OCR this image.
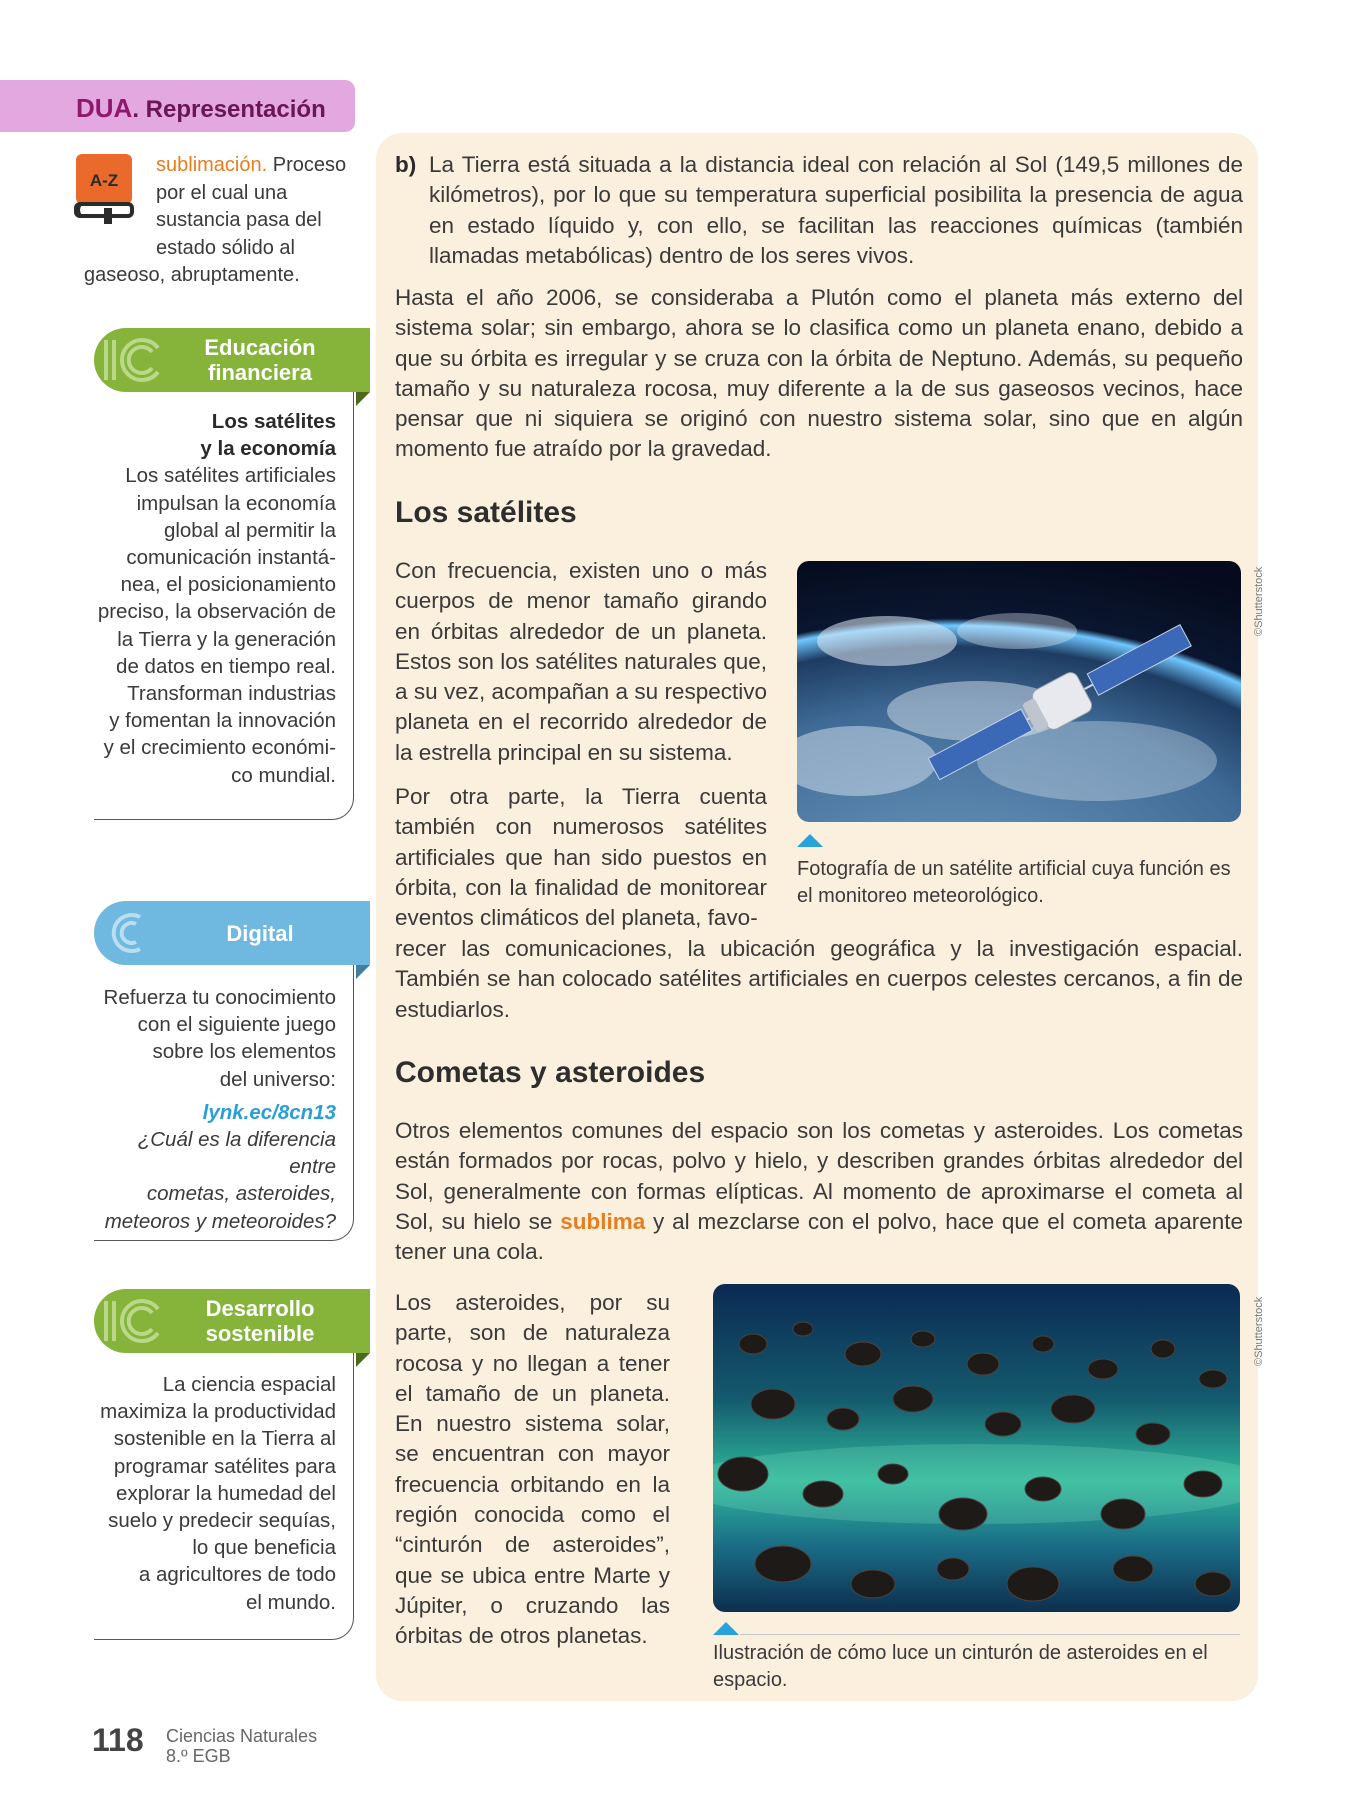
DUA. Representación
A-Z
sublimación. Proceso por el cual una sustancia pasa del estado sólido al gaseoso, abruptamente.
Educación financiera
Los satélites
y la economía
Los satélites artificiales
impulsan la economía
global al permitir la
comunicación instantá-
nea, el posicionamiento
preciso, la observación de
la Tierra y la generación
de datos en tiempo real.
Transforman industrias
y fomentan la innovación
y el crecimiento económi-
co mundial.
Digital
Refuerza tu conocimiento
con el siguiente juego
sobre los elementos
del universo:
lynk.ec/8cn13
¿Cuál es la diferencia entre
cometas, asteroides,
meteoros y meteoroides?
Desarrollo sostenible
La ciencia espacial
maximiza la productividad
sostenible en la Tierra al
programar satélites para
explorar la humedad del
suelo y predecir sequías,
lo que beneficia
a agricultores de todo
el mundo.
b) La Tierra está situada a la distancia ideal con relación al Sol (149,5 millones de kilómetros), por lo que su temperatura superficial posibilita la presencia de agua en estado líquido y, con ello, se facilitan las reacciones químicas (también llamadas metabólicas) dentro de los seres vivos.
Hasta el año 2006, se consideraba a Plutón como el planeta más externo del sistema solar; sin embargo, ahora se lo clasifica como un planeta enano, debido a que su órbita es irregular y se cruza con la órbita de Neptuno. Además, su pequeño tamaño y su naturaleza rocosa, muy diferente a la de sus gaseosos vecinos, hace pensar que ni siquiera se originó con nuestro sistema solar, sino que en algún momento fue atraído por la gravedad.
Los satélites
Con frecuencia, existen uno o más cuerpos de menor tamaño girando en órbitas alrededor de un planeta. Estos son los satélites naturales que, a su vez, acompañan a su respectivo planeta en el recorrido alrededor de la estrella principal en su sistema.
Por otra parte, la Tierra cuenta también con numerosos satélites artificiales que han sido puestos en órbita, con la finalidad de monitorear eventos climáticos del planeta, favo-
recer las comunicaciones, la ubicación geográfica y la investigación espacial. También se han colocado satélites artificiales en cuerpos celestes cercanos, a fin de estudiarlos.
©Shutterstock
Fotografía de un satélite artificial cuya función es el monitoreo meteorológico.
Cometas y asteroides
Otros elementos comunes del espacio son los cometas y asteroides. Los cometas están formados por rocas, polvo y hielo, y describen grandes órbitas alrededor del Sol, generalmente con formas elípticas. Al momento de aproximarse el cometa al Sol, su hielo se sublima y al mezclarse con el polvo, hace que el cometa aparente tener una cola.
Los asteroides, por su parte, son de naturaleza rocosa y no llegan a tener el tamaño de un planeta. En nuestro sistema solar, se encuentran con mayor frecuencia orbitando en la región conocida como el “cinturón de asteroides”, que se ubica entre Marte y Júpiter, o cruzando las órbitas de otros planetas.
©Shutterstock
Ilustración de cómo luce un cinturón de asteroides en el espacio.
118 Ciencias Naturales
8.º EGB
